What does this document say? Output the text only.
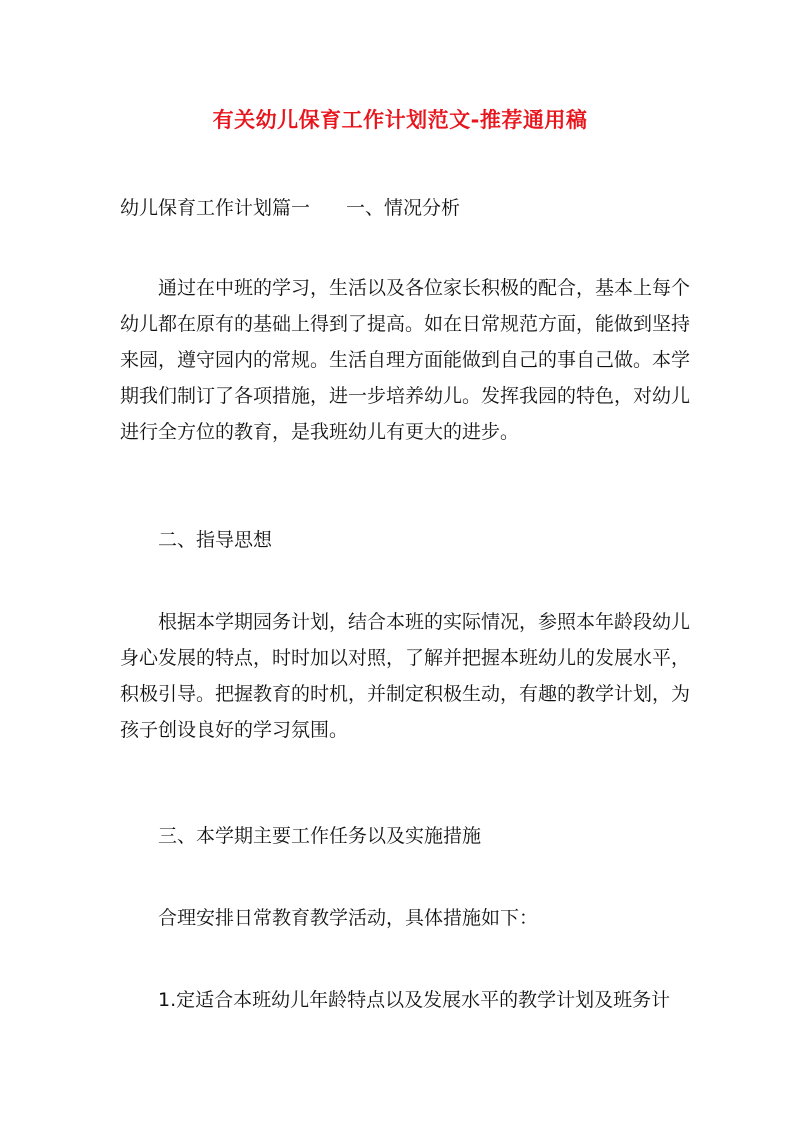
有关幼儿保育工作计划范文-推荐通用稿
幼儿保育工作计划篇一 一、情况分析
通过在中班的学习，生活以及各位家长积极的配合，基本上每个
幼儿都在原有的基础上得到了提高。如在日常规范方面，能做到坚持
来园，遵守园内的常规。生活自理方面能做到自己的事自己做。本学
期我们制订了各项措施，进一步培养幼儿。发挥我园的特色，对幼儿
进行全方位的教育，是我班幼儿有更大的进步。
二、指导思想
根据本学期园务计划，结合本班的实际情况，参照本年龄段幼儿
身心发展的特点，时时加以对照，了解并把握本班幼儿的发展水平，
积极引导。把握教育的时机，并制定积极生动，有趣的教学计划，为
孩子创设良好的学习氛围。
三、本学期主要工作任务以及实施措施
合理安排日常教育教学活动，具体措施如下：
1.定适合本班幼儿年龄特点以及发展水平的教学计划及班务计
